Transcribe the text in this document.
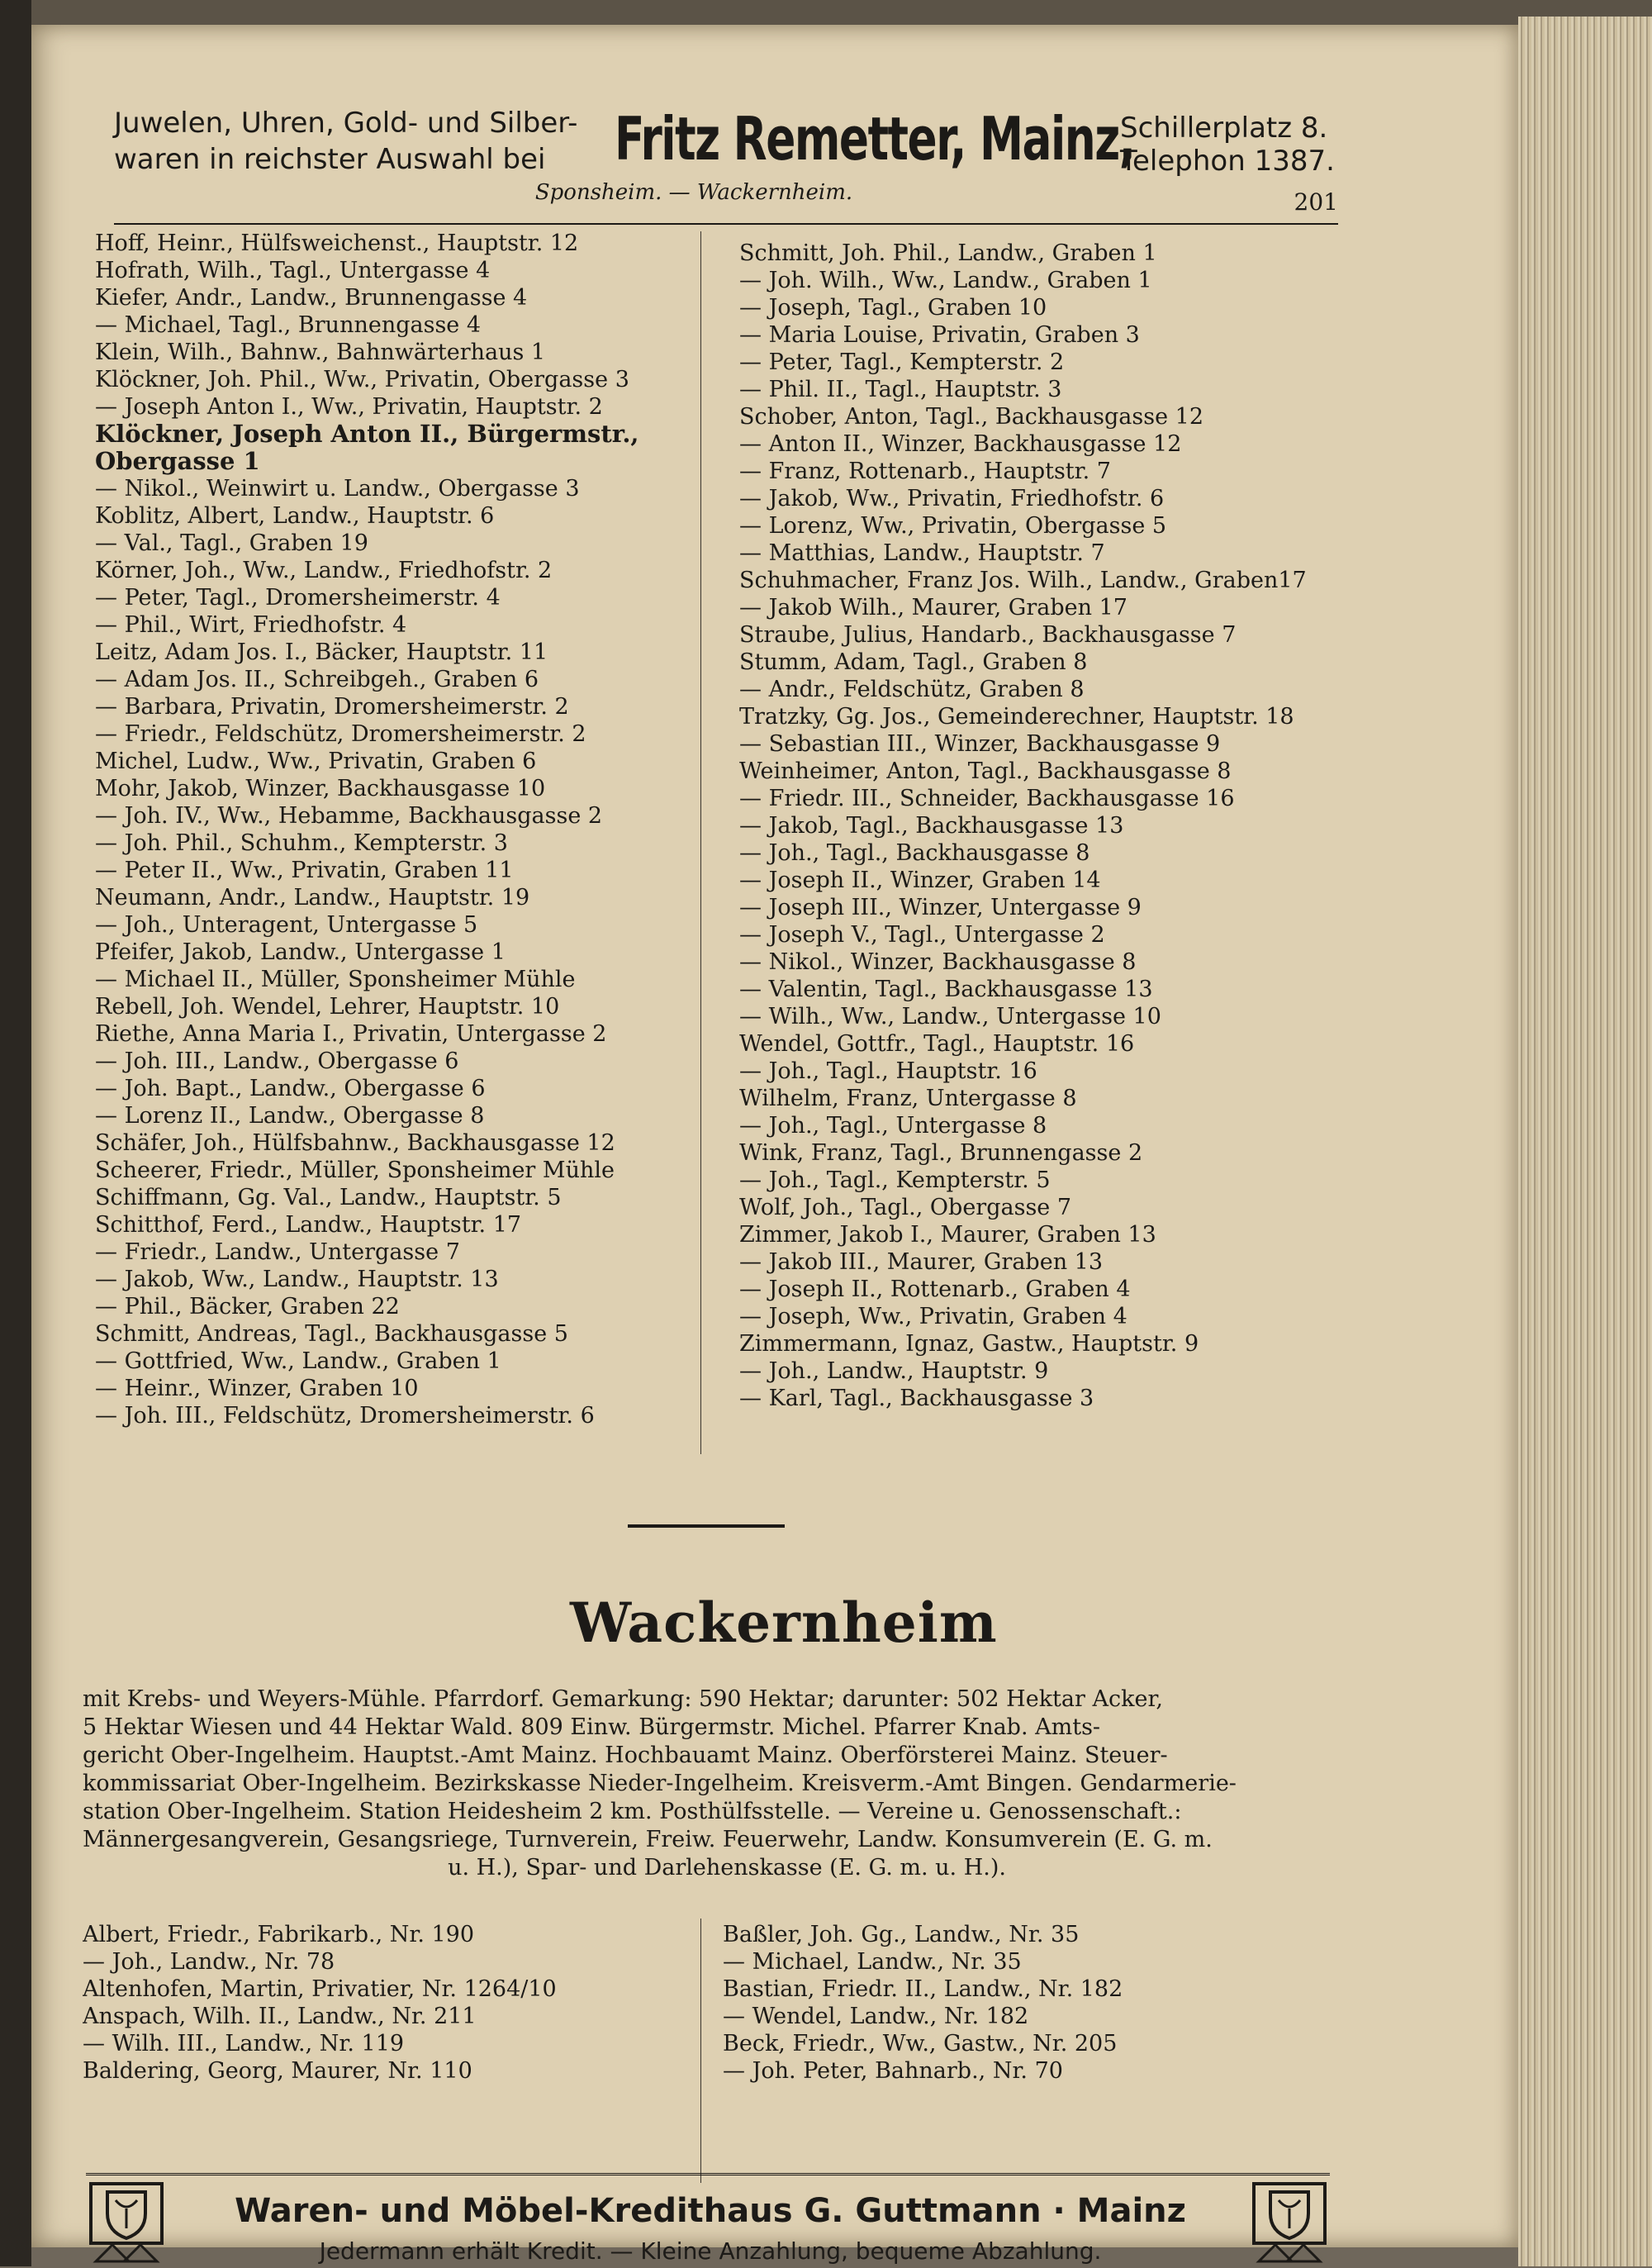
Juwelen, Uhren, Gold- und Silber-
waren in reichster Auswahl bei	Fritz Remetter, Mainz,
Schillerplatz 8.
Telephon 1387.
Sponsheim. — Wackernheim.	201
Hoff, Heinr., Hülfsweichenst., Hauptstr. 12
Hofrath, Wilh., Tagl., Untergasse 4
Kiefer, Andr., Landw., Brunnengasse 4
— Michael, Tagl., Brunnengasse 4
Klein, Wilh., Bahnw., Bahnwärterhaus 1
Klöckner, Joh. Phil., Ww., Privatin, Obergasse 3
— Joseph Anton I., Ww., Privatin, Hauptstr. 2
Klöckner, Joseph Anton II., Bürgermstr.,
Obergasse 1
— Nikol., Weinwirt u. Landw., Obergasse 3
Koblitz, Albert, Landw., Hauptstr. 6
— Val., Tagl., Graben 19
Körner, Joh., Ww., Landw., Friedhofstr. 2
— Peter, Tagl., Dromersheimerstr. 4
— Phil., Wirt, Friedhofstr. 4
Leitz, Adam Jos. I., Bäcker, Hauptstr. 11
— Adam Jos. II., Schreibgeh., Graben 6
— Barbara, Privatin, Dromersheimerstr. 2
— Friedr., Feldschütz, Dromersheimerstr. 2
Michel, Ludw., Ww., Privatin, Graben 6
Mohr, Jakob, Winzer, Backhausgasse 10
— Joh. IV., Ww., Hebamme, Backhausgasse 2
— Joh. Phil., Schuhm., Kempterstr. 3
— Peter II., Ww., Privatin, Graben 11
Neumann, Andr., Landw., Hauptstr. 19
— Joh., Unteragent, Untergasse 5
Pfeifer, Jakob, Landw., Untergasse 1
— Michael II., Müller, Sponsheimer Mühle
Rebell, Joh. Wendel, Lehrer, Hauptstr. 10
Riethe, Anna Maria I., Privatin, Untergasse 2
— Joh. III., Landw., Obergasse 6
— Joh. Bapt., Landw., Obergasse 6
— Lorenz II., Landw., Obergasse 8
Schäfer, Joh., Hülfsbahnw., Backhausgasse 12
Scheerer, Friedr., Müller, Sponsheimer Mühle
Schiffmann, Gg. Val., Landw., Hauptstr. 5
Schitthof, Ferd., Landw., Hauptstr. 17
— Friedr., Landw., Untergasse 7
— Jakob, Ww., Landw., Hauptstr. 13
— Phil., Bäcker, Graben 22
Schmitt, Andreas, Tagl., Backhausgasse 5
— Gottfried, Ww., Landw., Graben 1
— Heinr., Winzer, Graben 10
— Joh. III., Feldschütz, Dromersheimerstr. 6
Schmitt, Joh. Phil., Landw., Graben 1
— Joh. Wilh., Ww., Landw., Graben 1
— Joseph, Tagl., Graben 10
— Maria Louise, Privatin, Graben 3
— Peter, Tagl., Kempterstr. 2
— Phil. II., Tagl., Hauptstr. 3
Schober, Anton, Tagl., Backhausgasse 12
— Anton II., Winzer, Backhausgasse 12
— Franz, Rottenarb., Hauptstr. 7
— Jakob, Ww., Privatin, Friedhofstr. 6
— Lorenz, Ww., Privatin, Obergasse 5
— Matthias, Landw., Hauptstr. 7
Schuhmacher, Franz Jos. Wilh., Landw., Graben17
— Jakob Wilh., Maurer, Graben 17
Straube, Julius, Handarb., Backhausgasse 7
Stumm, Adam, Tagl., Graben 8
— Andr., Feldschütz, Graben 8
Tratzky, Gg. Jos., Gemeinderechner, Hauptstr. 18
— Sebastian III., Winzer, Backhausgasse 9
Weinheimer, Anton, Tagl., Backhausgasse 8
— Friedr. III., Schneider, Backhausgasse 16
— Jakob, Tagl., Backhausgasse 13
— Joh., Tagl., Backhausgasse 8
— Joseph II., Winzer, Graben 14
— Joseph III., Winzer, Untergasse 9
— Joseph V., Tagl., Untergasse 2
— Nikol., Winzer, Backhausgasse 8
— Valentin, Tagl., Backhausgasse 13
— Wilh., Ww., Landw., Untergasse 10
Wendel, Gottfr., Tagl., Hauptstr. 16
— Joh., Tagl., Hauptstr. 16
Wilhelm, Franz, Untergasse 8
— Joh., Tagl., Untergasse 8
Wink, Franz, Tagl., Brunnengasse 2
— Joh., Tagl., Kempterstr. 5
Wolf, Joh., Tagl., Obergasse 7
Zimmer, Jakob I., Maurer, Graben 13
— Jakob III., Maurer, Graben 13
— Joseph II., Rottenarb., Graben 4
— Joseph, Ww., Privatin, Graben 4
Zimmermann, Ignaz, Gastw., Hauptstr. 9
— Joh., Landw., Hauptstr. 9
— Karl, Tagl., Backhausgasse 3
Wackernheim
mit Krebs- und Weyers-Mühle. Pfarrdorf. Gemarkung: 590 Hektar; darunter: 502 Hektar Acker,
5 Hektar Wiesen und 44 Hektar Wald. 809 Einw. Bürgermstr. Michel. Pfarrer Knab. Amts-
gericht Ober-Ingelheim. Hauptst.-Amt Mainz. Hochbauamt Mainz. Oberförsterei Mainz. Steuer-
kommissariat Ober-Ingelheim. Bezirkskasse Nieder-Ingelheim. Kreisverm.-Amt Bingen. Gendarmerie-
station Ober-Ingelheim. Station Heidesheim 2 km. Posthülfsstelle. — Vereine u. Genossenschaft.:
Männergesangverein, Gesangsriege, Turnverein, Freiw. Feuerwehr, Landw. Konsumverein (E. G. m.
u. H.), Spar- und Darlehenskasse (E. G. m. u. H.).
Albert, Friedr., Fabrikarb., Nr. 190
— Joh., Landw., Nr. 78
Altenhofen, Martin, Privatier, Nr. 1264/10
Anspach, Wilh. II., Landw., Nr. 211
— Wilh. III., Landw., Nr. 119
Baldering, Georg, Maurer, Nr. 110
Baßler, Joh. Gg., Landw., Nr. 35
— Michael, Landw., Nr. 35
Bastian, Friedr. II., Landw., Nr. 182
— Wendel, Landw., Nr. 182
Beck, Friedr., Ww., Gastw., Nr. 205
— Joh. Peter, Bahnarb., Nr. 70
Waren- und Möbel-Kredithaus G. Guttmann · Mainz
Jedermann erhält Kredit. — Kleine Anzahlung, bequeme Abzahlung.
